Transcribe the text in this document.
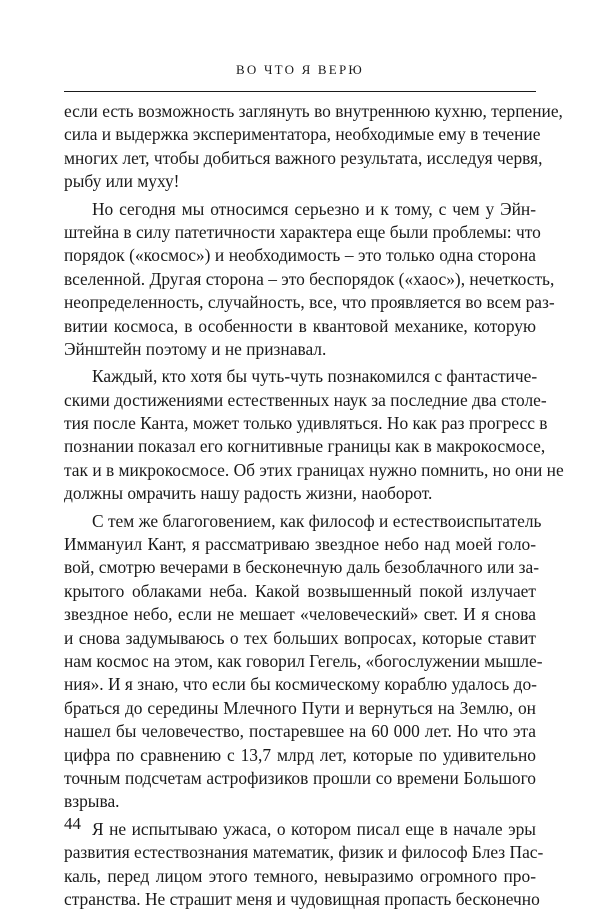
ВО ЧТО Я ВЕРЮ
если есть возможность заглянуть во внутреннюю кухню, терпение,
сила и выдержка экспериментатора, необходимые ему в течение
многих лет, чтобы добиться важного результата, исследуя червя,
рыбу или муху!
Но сегодня мы относимся серьезно и к тому, с чем у Эйн-
штейна в силу патетичности характера еще были проблемы: что
порядок («космос») и необходимость – это только одна сторона
вселенной. Другая сторона – это беспорядок («хаос»), нечеткость,
неопределенность, случайность, все, что проявляется во всем раз-
витии космоса, в особенности в квантовой механике, которую
Эйнштейн поэтому и не признавал.
Каждый, кто хотя бы чуть-чуть познакомился с фантастиче-
скими достижениями естественных наук за последние два столе-
тия после Канта, может только удивляться. Но как раз прогресс в
познании показал его когнитивные границы как в макрокосмосе,
так и в микрокосмосе. Об этих границах нужно помнить, но они не
должны омрачить нашу радость жизни, наоборот.
С тем же благоговением, как философ и естествоиспытатель
Иммануил Кант, я рассматриваю звездное небо над моей голо-
вой, смотрю вечерами в бесконечную даль безоблачного или за-
крытого облаками неба. Какой возвышенный покой излучает
звездное небо, если не мешает «человеческий» свет. И я снова
и снова задумываюсь о тех больших вопросах, которые ставит
нам космос на этом, как говорил Гегель, «богослужении мышле-
ния». И я знаю, что если бы космическому кораблю удалось до-
браться до середины Млечного Пути и вернуться на Землю, он
нашел бы человечество, постаревшее на 60 000 лет. Но что эта
цифра по сравнению с 13,7 млрд лет, которые по удивительно
точным подсчетам астрофизиков прошли со времени Большого
взрыва.
Я не испытываю ужаса, о котором писал еще в начале эры
развития естествознания математик, физик и философ Блез Пас-
каль, перед лицом этого темного, невыразимо огромного про-
странства. Не страшит меня и чудовищная пропасть бесконечно
44
